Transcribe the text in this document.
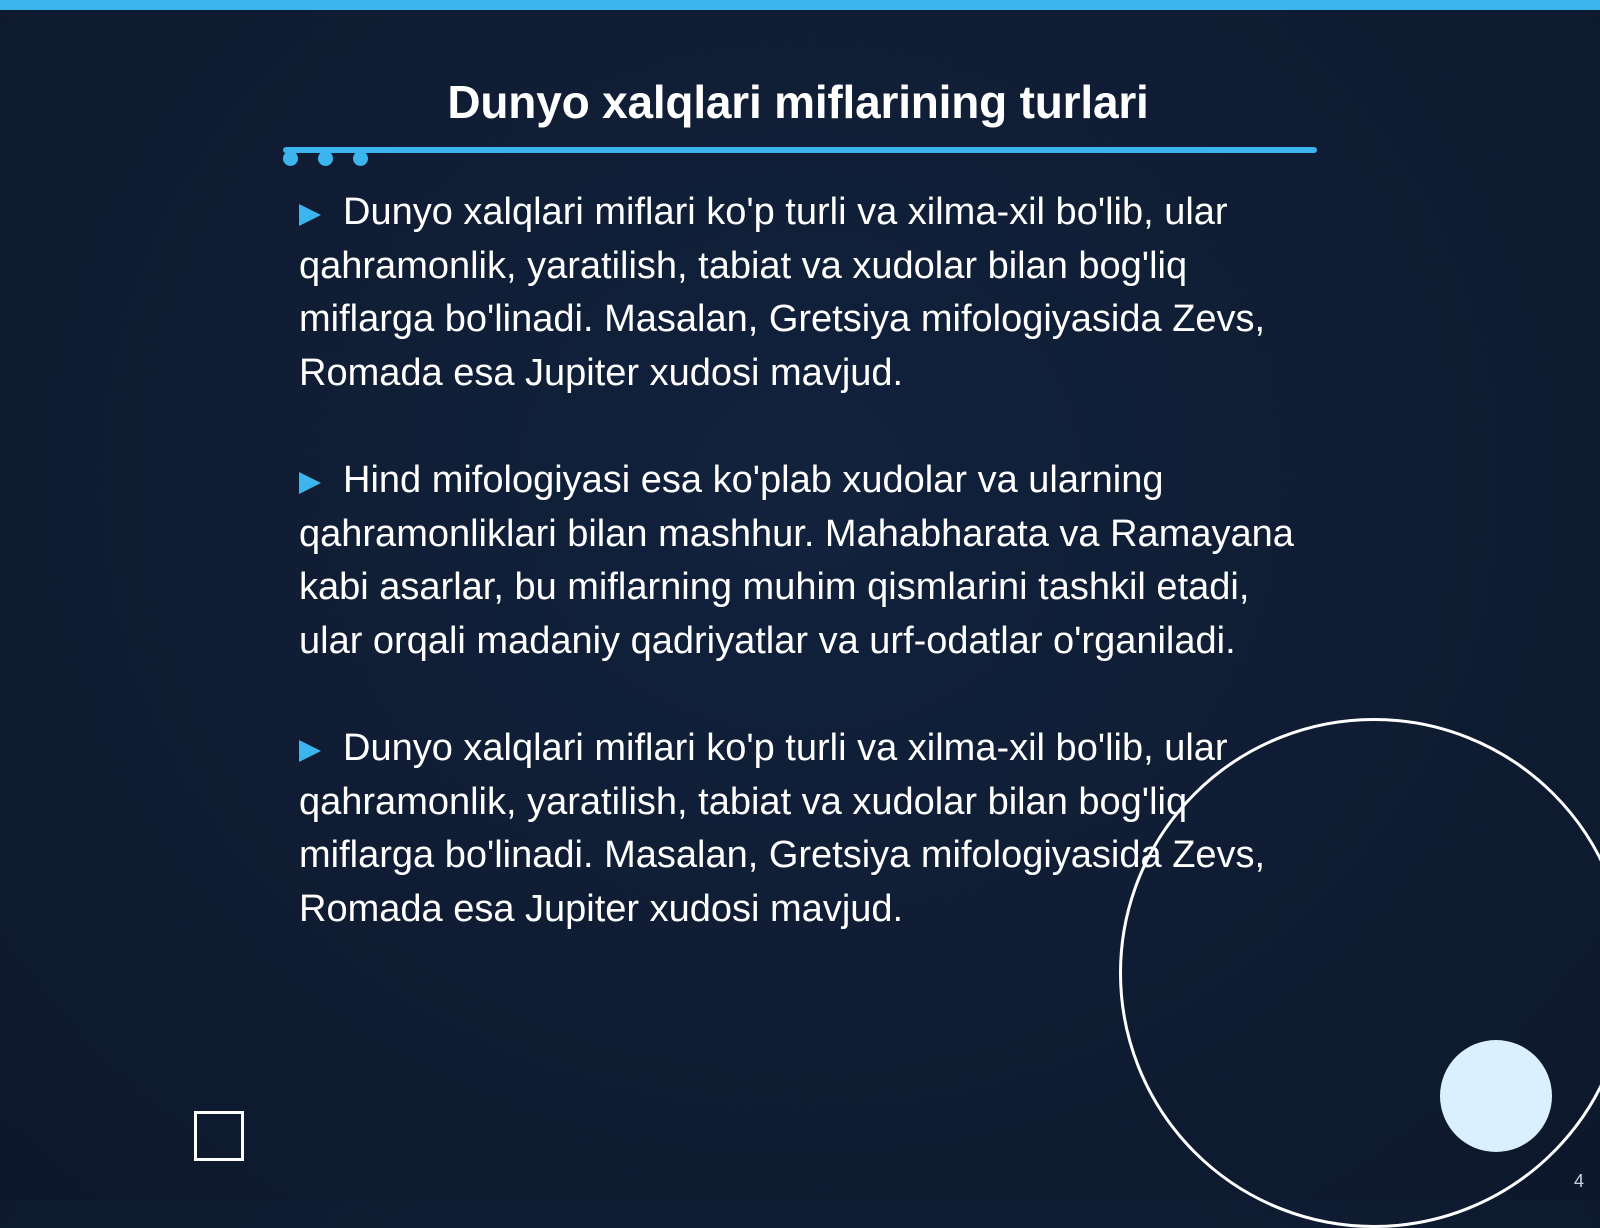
Dunyo xalqlari miflarining turlari

Dunyo xalqlari miflari ko'p turli va xilma-xil bo'lib, ular qahramonlik, yaratilish, tabiat va xudolar bilan bog'liq miflarga bo'linadi. Masalan, Gretsiya mifologiyasida Zevs, Romada esa Jupiter xudosi mavjud.

Hind mifologiyasi esa ko'plab xudolar va ularning qahramonliklari bilan mashhur. Mahabharata va Ramayana kabi asarlar, bu miflarning muhim qismlarini tashkil etadi, ular orqali madaniy qadriyatlar va urf-odatlar o'rganiladi.

Dunyo xalqlari miflari ko'p turli va xilma-xil bo'lib, ular qahramonlik, yaratilish, tabiat va xudolar bilan bog'liq miflarga bo'linadi. Masalan, Gretsiya mifologiyasida Zevs, Romada esa Jupiter xudosi mavjud.

4
